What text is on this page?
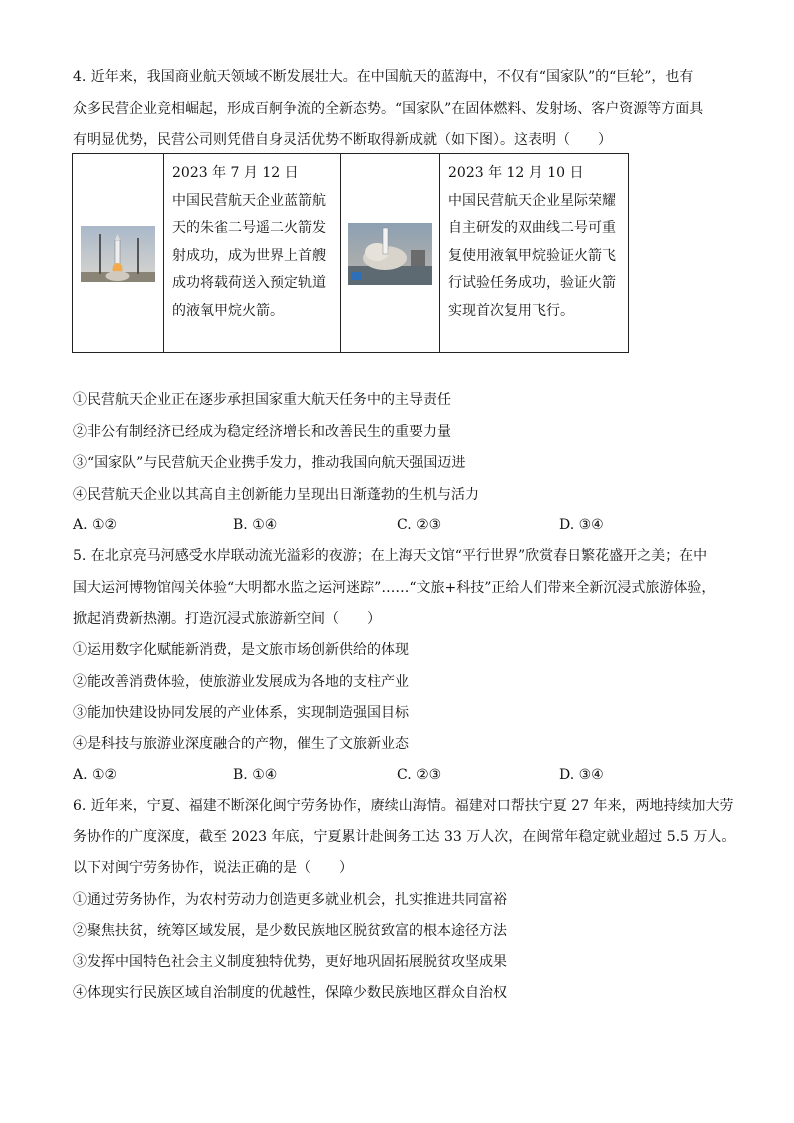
4. 近年来，我国商业航天领域不断发展壮大。在中国航天的蓝海中，不仅有“国家队”的“巨轮”，也有
众多民营企业竞相崛起，形成百舸争流的全新态势。“国家队”在固体燃料、发射场、客户资源等方面具
有明显优势，民营公司则凭借自身灵活优势不断取得新成就（如下图）。这表明（　　）

2023 年 7 月 12 日

中国民营航天企业蓝箭航

天的朱雀二号遥二火箭发

射成功，成为世界上首艘

成功将载荷送入预定轨道

的液氧甲烷火箭。

2023 年 12 月 10 日

中国民营航天企业星际荣耀

自主研发的双曲线二号可重

复使用液氧甲烷验证火箭飞

行试验任务成功，验证火箭

实现首次复用飞行。

①民营航天企业正在逐步承担国家重大航天任务中的主导责任
②非公有制经济已经成为稳定经济增长和改善民生的重要力量
③“国家队”与民营航天企业携手发力，推动我国向航天强国迈进
④民营航天企业以其高自主创新能力呈现出日渐蓬勃的生机与活力
A. ①②	B. ①④	C. ②③	D. ③④
5. 在北京亮马河感受水岸联动流光溢彩的夜游；在上海天文馆“平行世界”欣赏春日繁花盛开之美；在中
国大运河博物馆闯关体验“大明都水监之运河迷踪”……“文旅+科技”正给人们带来全新沉浸式旅游体验，
掀起消费新热潮。打造沉浸式旅游新空间（　　）
①运用数字化赋能新消费，是文旅市场创新供给的体现
②能改善消费体验，使旅游业发展成为各地的支柱产业
③能加快建设协同发展的产业体系，实现制造强国目标
④是科技与旅游业深度融合的产物，催生了文旅新业态
A. ①②	B. ①④	C. ②③	D. ③④
6. 近年来，宁夏、福建不断深化闽宁劳务协作，赓续山海情。福建对口帮扶宁夏 27 年来，两地持续加大劳
务协作的广度深度，截至 2023 年底，宁夏累计赴闽务工达 33 万人次，在闽常年稳定就业超过 5.5 万人。
以下对闽宁劳务协作，说法正确的是（　　）
①通过劳务协作，为农村劳动力创造更多就业机会，扎实推进共同富裕
②聚焦扶贫，统筹区域发展，是少数民族地区脱贫致富的根本途径方法
③发挥中国特色社会主义制度独特优势，更好地巩固拓展脱贫攻坚成果
④体现实行民族区域自治制度的优越性，保障少数民族地区群众自治权
